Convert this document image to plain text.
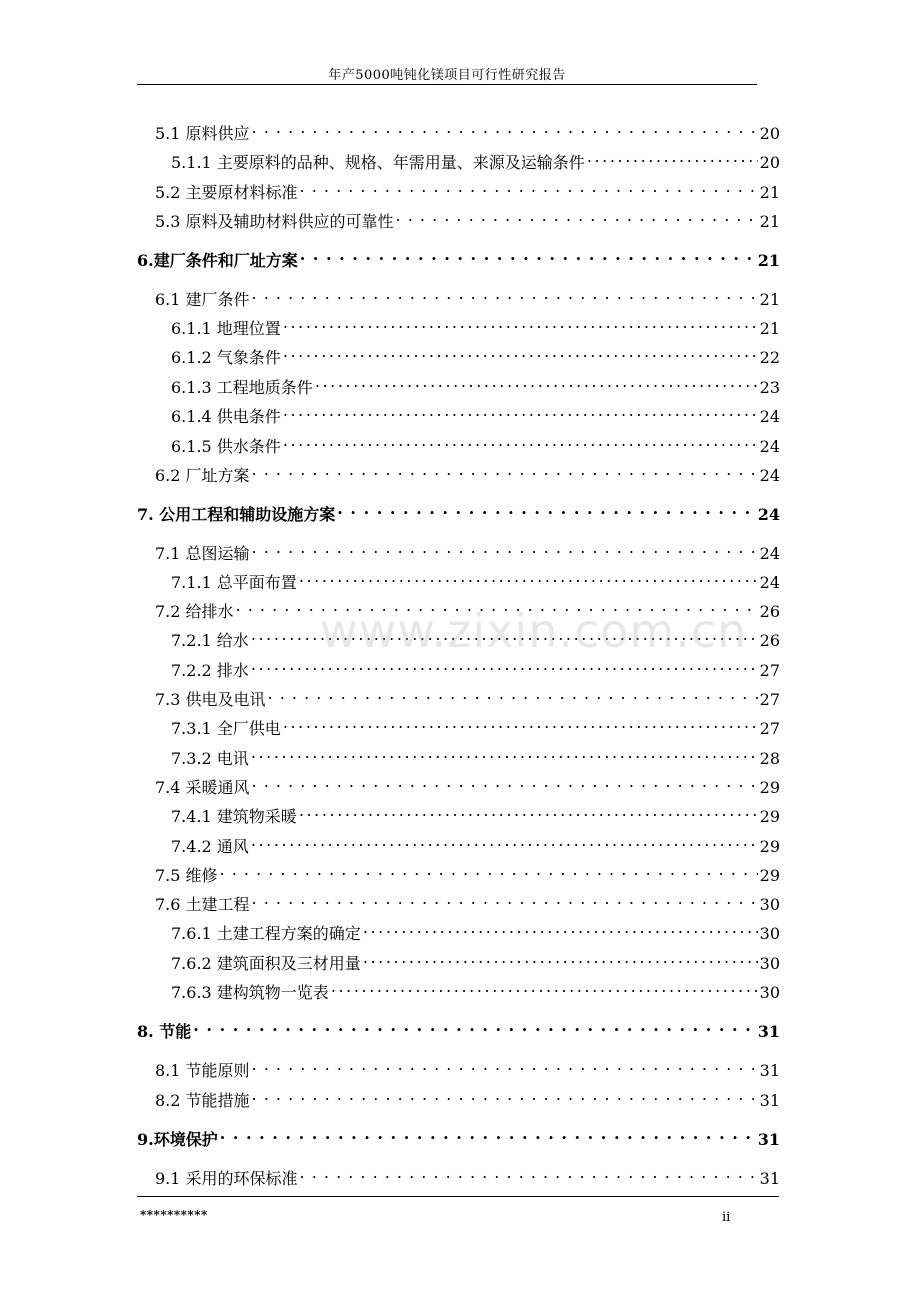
年产5000吨钝化镁项目可行性研究报告
5.1 原料供应 . . .	20
5.1.1 主要原料的品种、规格、年需用量、来源及运输条件 .....	20
5.2 主要原材料标准 . . .	21
5.3 原料及辅助材料供应的可靠性 . . .	21
6.建厂条件和厂址方案 . . .	21
6.1 建厂条件 . . .	21
6.1.1 地理位置 .....	21
6.1.2 气象条件 .....	22
6.1.3 工程地质条件 .....	23
6.1.4 供电条件 .....	24
6.1.5 供水条件 .....	24
6.2 厂址方案 . . .	24
7. 公用工程和辅助设施方案 . . .	24
7.1 总图运输 . . .	24
7.1.1 总平面布置 .....	24
7.2 给排水 . . .	26
7.2.1 给水 .....	26
7.2.2 排水 .....	27
7.3 供电及电讯 . . .	27
7.3.1 全厂供电 .....	27
7.3.2 电讯 .....	28
7.4 采暖通风 . . .	29
7.4.1 建筑物采暖 .....	29
7.4.2 通风 .....	29
7.5 维修 . . .	29
7.6 土建工程 . . .	30
7.6.1 土建工程方案的确定 .....	30
7.6.2 建筑面积及三材用量 .....	30
7.6.3 建构筑物一览表 .....	30
8. 节能 . . .	31
8.1 节能原则 . . .	31
8.2 节能措施 . . .	31
9.环境保护 . . .	31
9.1 采用的环保标准 . . .	31
www.zixin.com.cn
**********	ii
